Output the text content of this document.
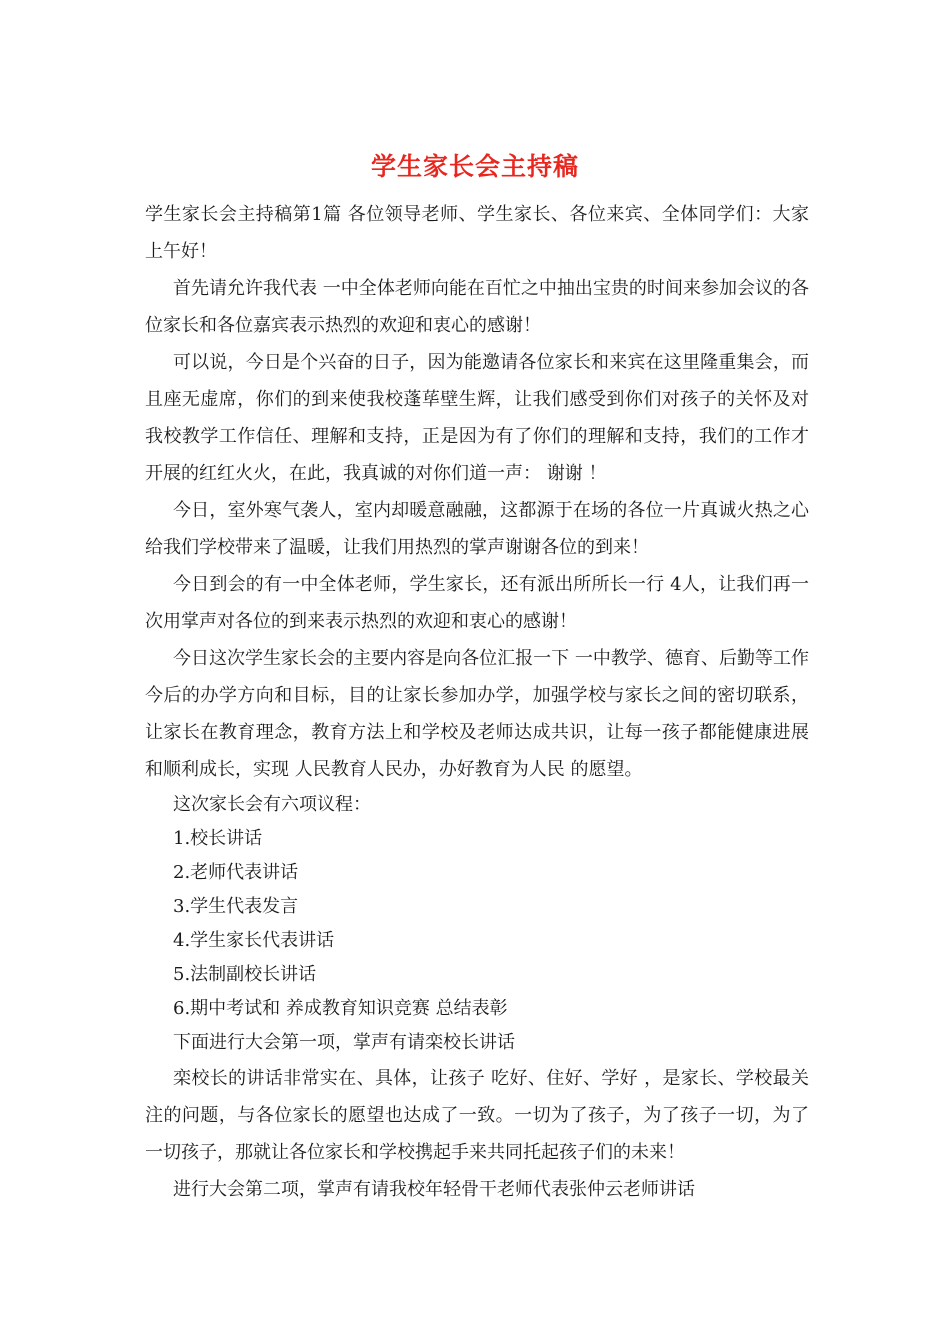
学生家长会主持稿

学生家长会主持稿第1篇 各位领导老师、学生家长、各位来宾、全体同学们：大家上午好！

首先请允许我代表 一中全体老师向能在百忙之中抽出宝贵的时间来参加会议的各位家长和各位嘉宾表示热烈的欢迎和衷心的感谢！

可以说，今日是个兴奋的日子，因为能邀请各位家长和来宾在这里隆重集会，而且座无虚席，你们的到来使我校蓬荜壁生辉，让我们感受到你们对孩子的关怀及对我校教学工作信任、理解和支持，正是因为有了你们的理解和支持，我们的工作才开展的红红火火，在此，我真诚的对你们道一声： 谢谢 ！

今日，室外寒气袭人，室内却暖意融融，这都源于在场的各位一片真诚火热之心给我们学校带来了温暖，让我们用热烈的掌声谢谢各位的到来！

今日到会的有一中全体老师，学生家长，还有派出所所长一行 4人，让我们再一次用掌声对各位的到来表示热烈的欢迎和衷心的感谢！

今日这次学生家长会的主要内容是向各位汇报一下 一中教学、德育、后勤等工作今后的办学方向和目标，目的让家长参加办学，加强学校与家长之间的密切联系，让家长在教育理念，教育方法上和学校及老师达成共识，让每一孩子都能健康进展和顺利成长，实现 人民教育人民办，办好教育为人民 的愿望。

这次家长会有六项议程：

1.校长讲话

2.老师代表讲话

3.学生代表发言

4.学生家长代表讲话

5.法制副校长讲话

6.期中考试和 养成教育知识竞赛 总结表彰

下面进行大会第一项，掌声有请栾校长讲话

栾校长的讲话非常实在、具体，让孩子 吃好、住好、学好 ，是家长、学校最关注的问题，与各位家长的愿望也达成了一致。一切为了孩子，为了孩子一切，为了一切孩子，那就让各位家长和学校携起手来共同托起孩子们的未来！

进行大会第二项，掌声有请我校年轻骨干老师代表张仲云老师讲话
